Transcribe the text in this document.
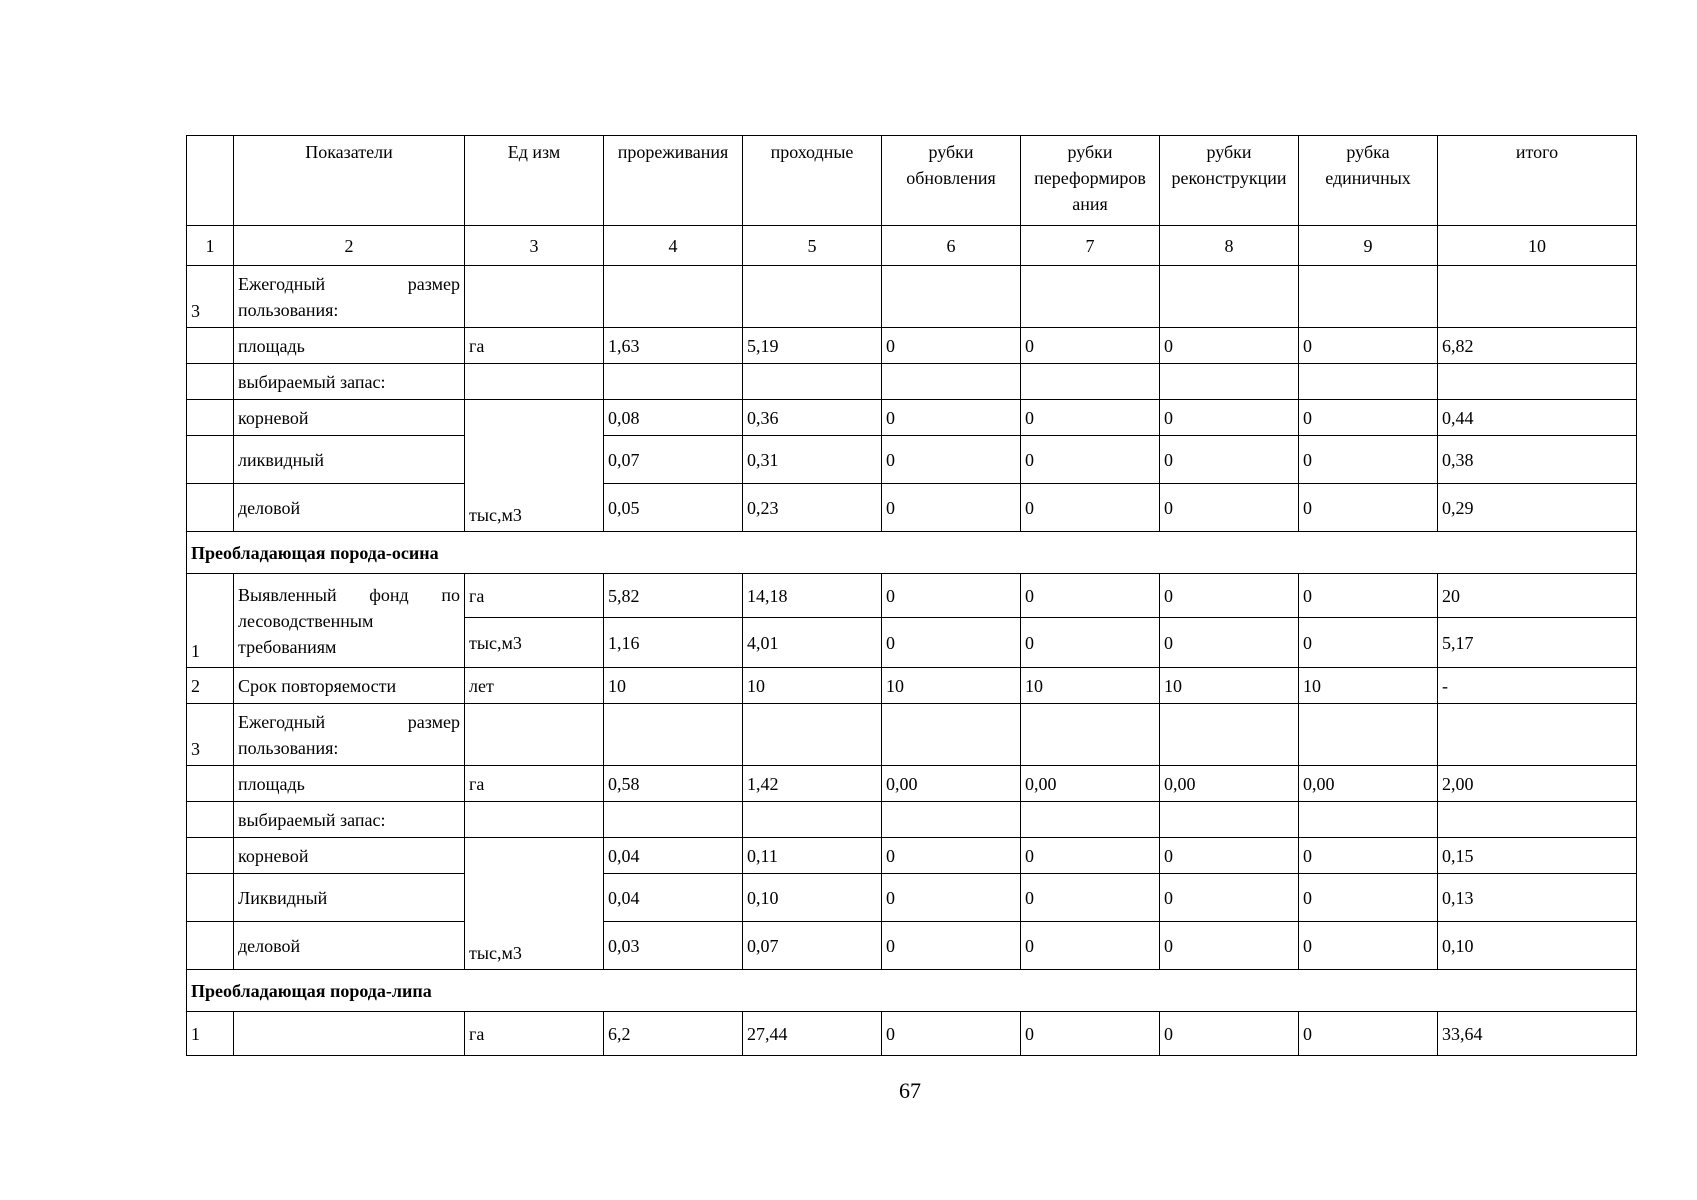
	Показатели	Ед изм	прореживания	проходные	рубки обновления	рубки переформиров ания	рубки реконструкции	рубка единичных	итого
1	2	3	4	5	6	7	8	9	10
3	Ежегодный размер пользования:								
	площадь	га	1,63	5,19	0	0	0	0	6,82
	выбираемый запас:								
	корневой	тыс,м3	0,08	0,36	0	0	0	0	0,44
	ликвидный		0,07	0,31	0	0	0	0	0,38
	деловой		0,05	0,23	0	0	0	0	0,29
Преобладающая порода-осина									
1	Выявленный фонд по лесоводственным требованиям	га	5,82	14,18	0	0	0	0	20
		тыс,м3	1,16	4,01	0	0	0	0	5,17
2	Срок повторяемости	лет	10	10	10	10	10	10	-
3	Ежегодный размер пользования:								
	площадь	га	0,58	1,42	0,00	0,00	0,00	0,00	2,00
	выбираемый запас:								
	корневой	тыс,м3	0,04	0,11	0	0	0	0	0,15
	Ликвидный		0,04	0,10	0	0	0	0	0,13
	деловой		0,03	0,07	0	0	0	0	0,10
Преобладающая порода-липа									
1		га	6,2	27,44	0	0	0	0	33,64
67
